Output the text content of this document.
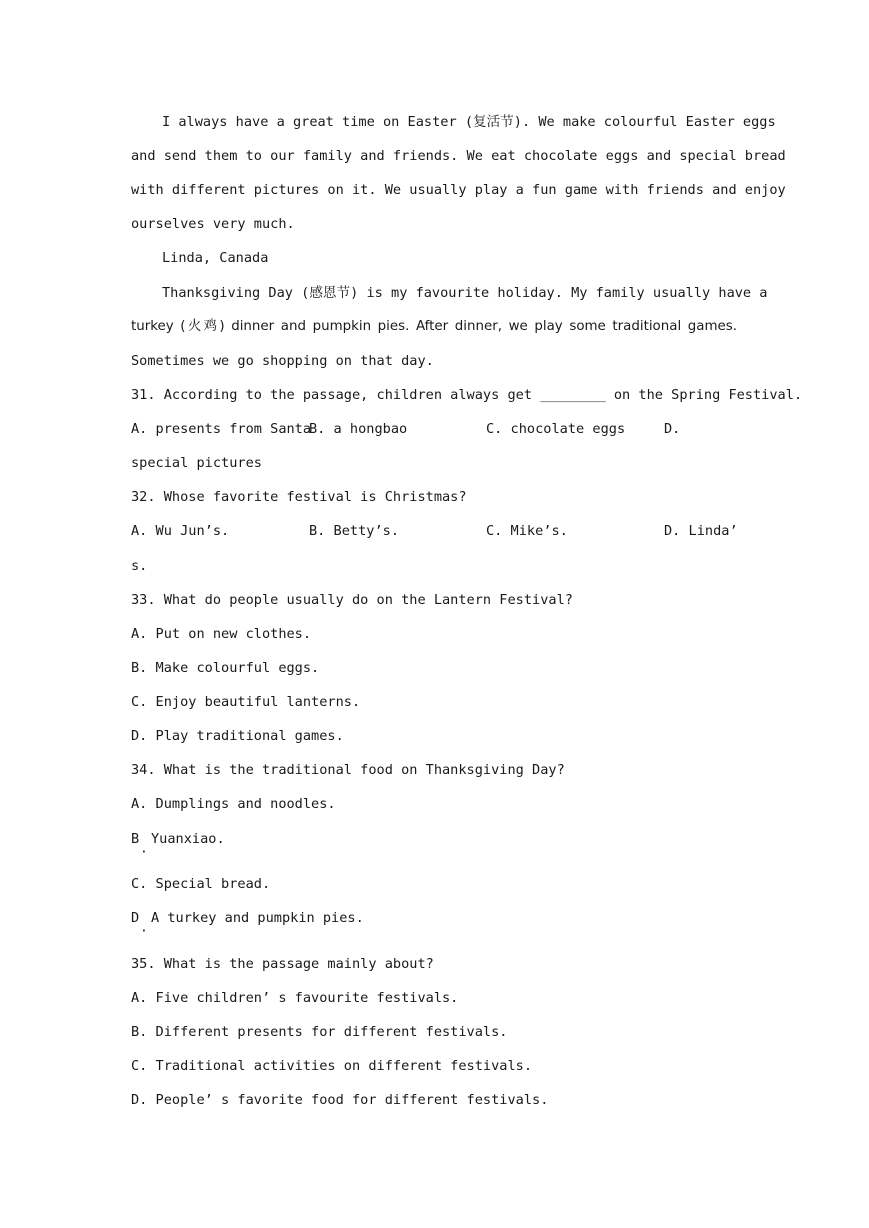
I always have a great time on Easter (复活节). We make colourful Easter eggs
and send them to our family and friends. We eat chocolate eggs and special bread
with different pictures on it. We usually play a fun game with friends and enjoy
ourselves very much.
Linda, Canada
Thanksgiving Day (感恩节) is my favourite holiday. My family usually have a
turkey (火鸡) dinner and pumpkin pies. After dinner, we play some traditional games.
Sometimes we go shopping on that day.
31. According to the passage, children always get ________ on the Spring Festival.
A. presents from Santa
B. a hongbao	C. chocolate eggs	D.
special pictures
32. Whose favorite festival is Christmas?
A. Wu Jun’s.	B. Betty’s.	C. Mike’s.	D. Linda’
s.
33. What do people usually do on the Lantern Festival?
A. Put on new clothes.
B. Make colourful eggs.
C. Enjoy beautiful lanterns.
D. Play traditional games.
34. What is the traditional food on Thanksgiving Day?
A. Dumplings and noodles.
B Yuanxiao.
·
C. Special bread.
D A turkey and pumpkin pies.
·
35. What is the passage mainly about?
A. Five children’ s favourite festivals.
B. Different presents for different festivals.
C. Traditional activities on different festivals.
D. People’ s favorite food for different festivals.
